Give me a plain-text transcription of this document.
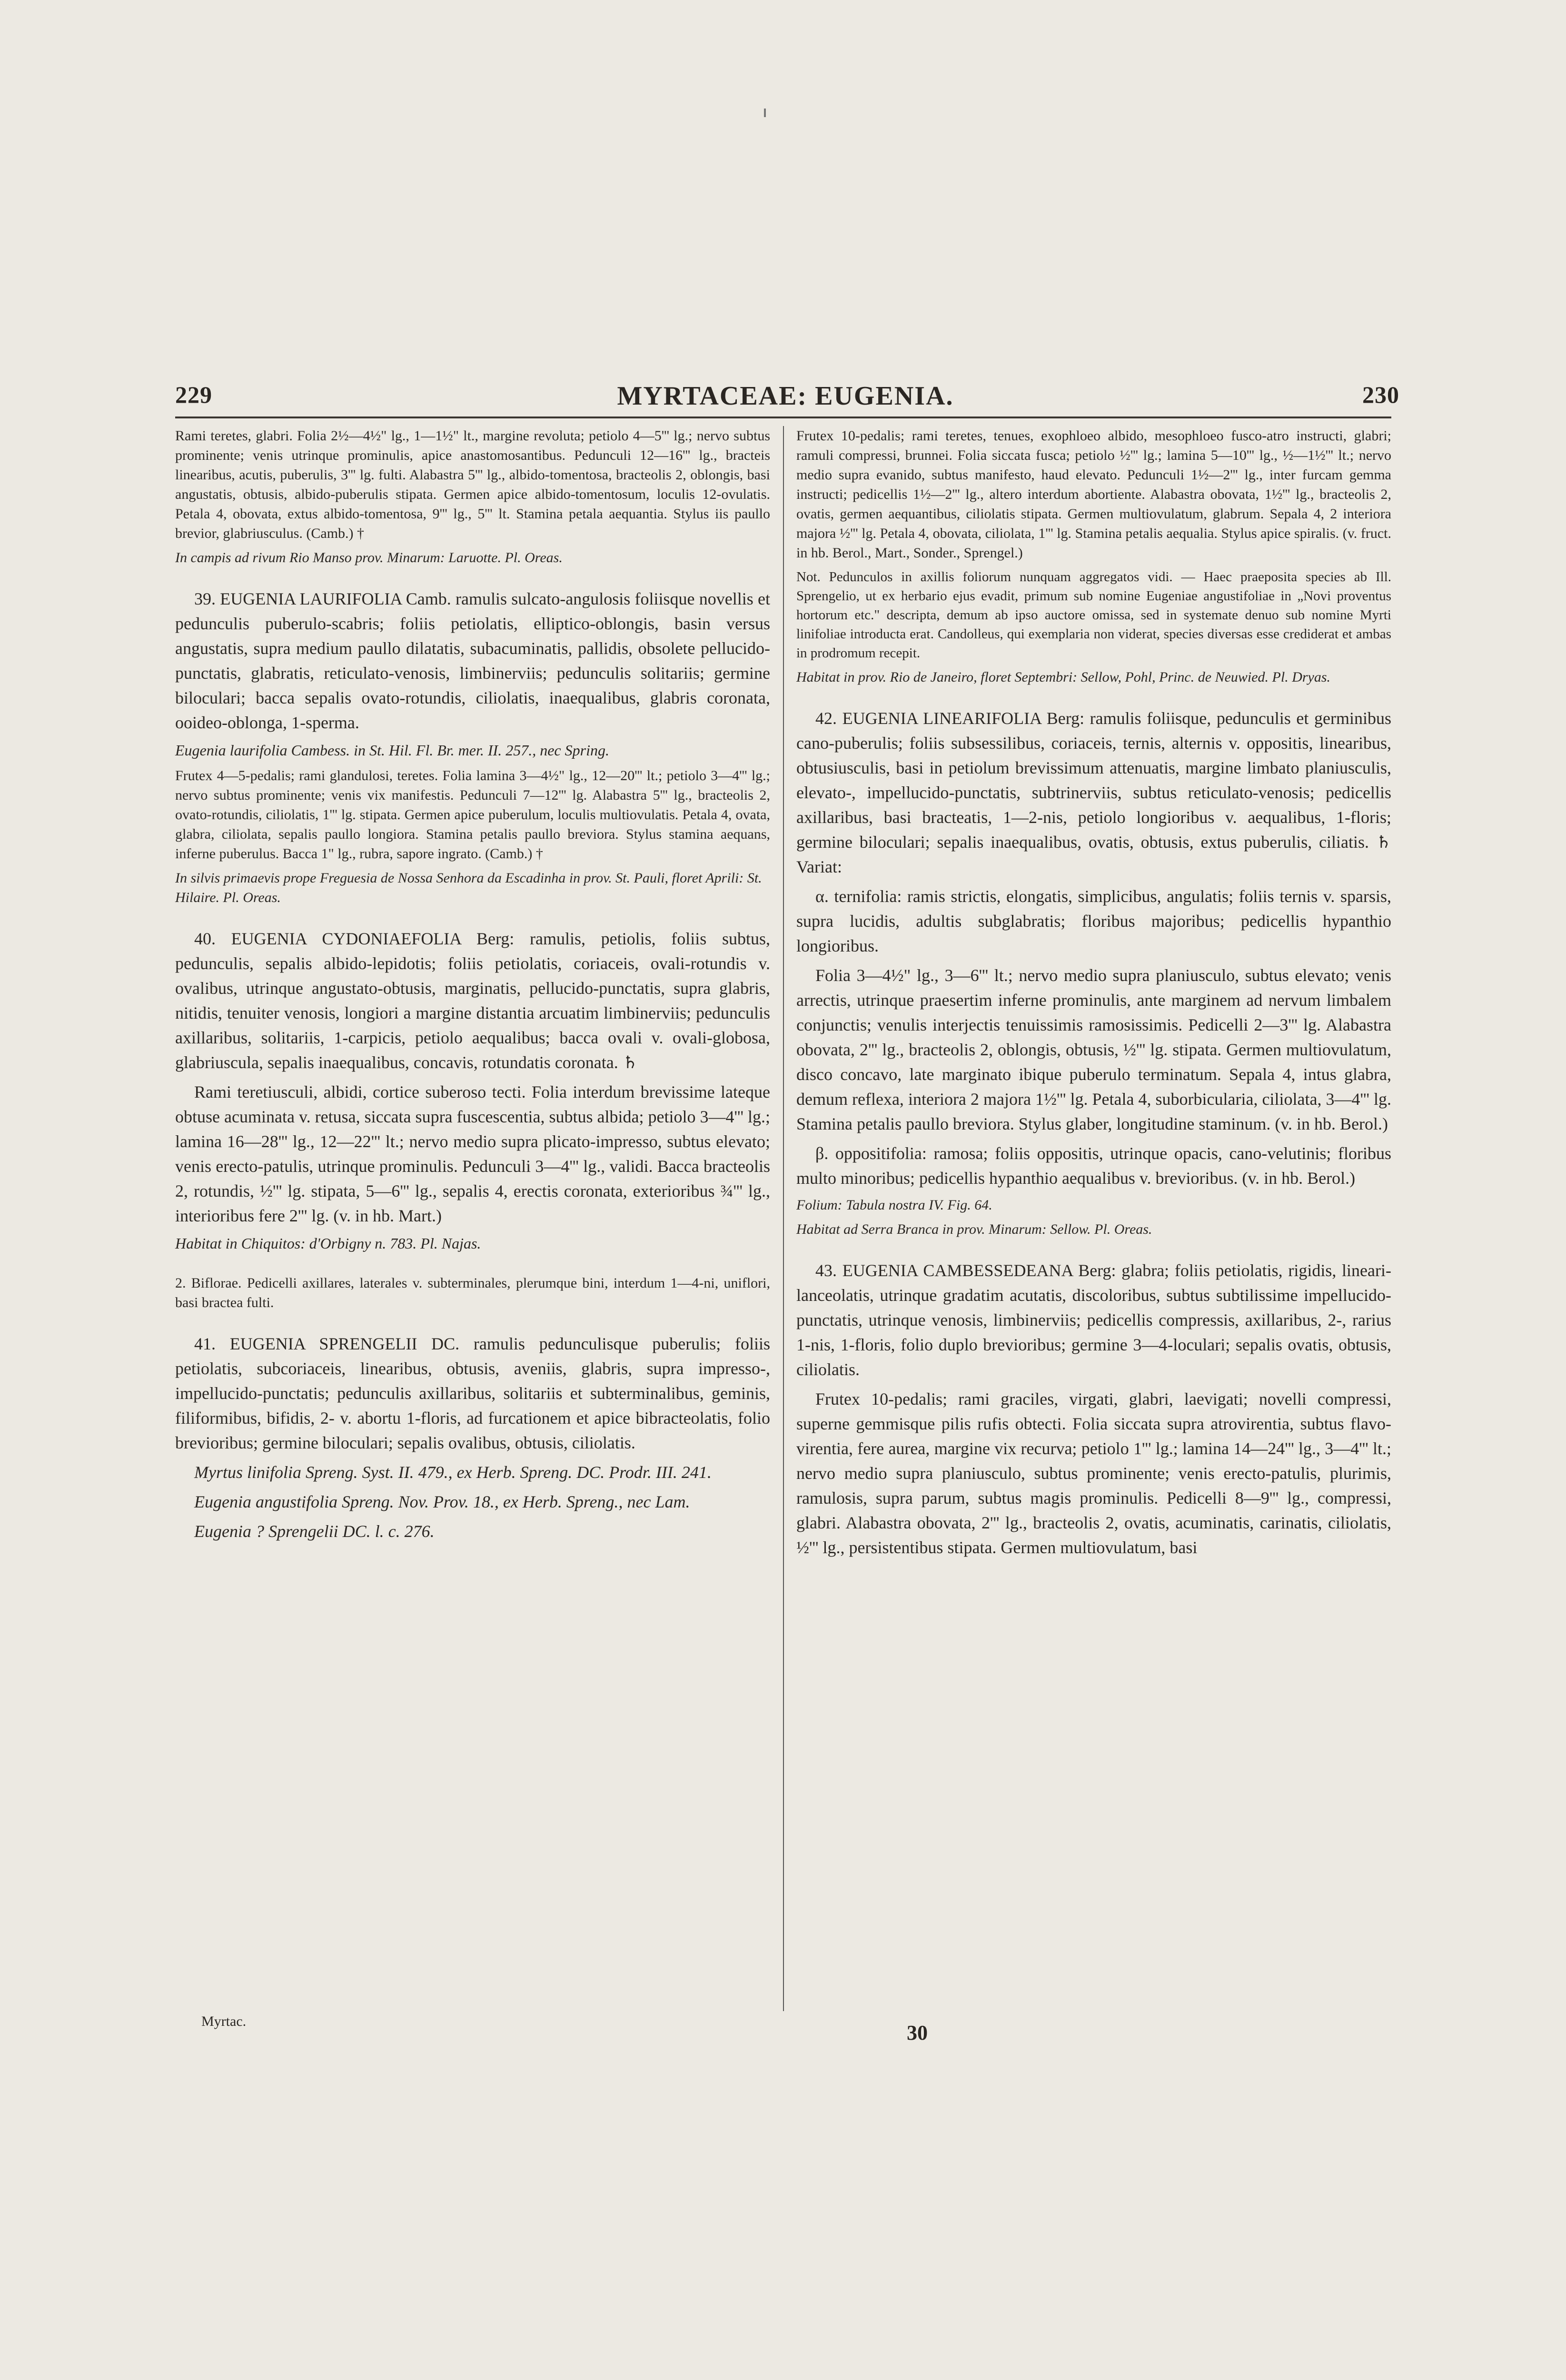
229	MYRTACEAE: EUGENIA.	230

Rami teretes, glabri. Folia 2½—4½" lg., 1—1½" lt., margine revoluta; petiolo 4—5''' lg.; nervo subtus prominente; venis utrinque prominulis, apice anastomosantibus. Pedunculi 12—16''' lg., bracteis linearibus, acutis, puberulis, 3''' lg. fulti. Alabastra 5''' lg., albido-tomentosa, bracteolis 2, oblongis, basi angustatis, obtusis, albido-puberulis stipata. Germen apice albido-tomentosum, loculis 12-ovulatis. Petala 4, obovata, extus albido-tomentosa, 9''' lg., 5''' lt. Stamina petala aequantia. Stylus iis paullo brevior, glabriusculus. (Camb.) †

In campis ad rivum Rio Manso prov. Minarum: Laruotte. Pl. Oreas.

39. EUGENIA LAURIFOLIA Camb. ramulis sulcato-angulosis foliisque novellis et pedunculis puberulo-scabris; foliis petiolatis, elliptico-oblongis, basin versus angustatis, supra medium paullo dilatatis, subacuminatis, pallidis, obsolete pellucido-punctatis, glabratis, reticulato-venosis, limbinerviis; pedunculis solitariis; germine biloculari; bacca sepalis ovato-rotundis, ciliolatis, inaequalibus, glabris coronata, ooideo-oblonga, 1-sperma.

Eugenia laurifolia Cambess. in St. Hil. Fl. Br. mer. II. 257., nec Spring.

Frutex 4—5-pedalis; rami glandulosi, teretes. Folia lamina 3—4½" lg., 12—20''' lt.; petiolo 3—4''' lg.; nervo subtus prominente; venis vix manifestis. Pedunculi 7—12''' lg. Alabastra 5''' lg., bracteolis 2, ovato-rotundis, ciliolatis, 1''' lg. stipata. Germen apice puberulum, loculis multiovulatis. Petala 4, ovata, glabra, ciliolata, sepalis paullo longiora. Stamina petalis paullo breviora. Stylus stamina aequans, inferne puberulus. Bacca 1" lg., rubra, sapore ingrato. (Camb.) †

In silvis primaevis prope Freguesia de Nossa Senhora da Escadinha in prov. St. Pauli, floret Aprili: St. Hilaire. Pl. Oreas.

40. EUGENIA CYDONIAEFOLIA Berg: ramulis, petiolis, foliis subtus, pedunculis, sepalis albido-lepidotis; foliis petiolatis, coriaceis, ovali-rotundis v. ovalibus, utrinque angustato-obtusis, marginatis, pellucido-punctatis, supra glabris, nitidis, tenuiter venosis, longiori a margine distantia arcuatim limbinerviis; pedunculis axillaribus, solitariis, 1-carpicis, petiolo aequalibus; bacca ovali v. ovali-globosa, glabriuscula, sepalis inaequalibus, concavis, rotundatis coronata. ♄

Rami teretiusculi, albidi, cortice suberoso tecti. Folia interdum brevissime lateque obtuse acuminata v. retusa, siccata supra fuscescentia, subtus albida; petiolo 3—4''' lg.; lamina 16—28''' lg., 12—22''' lt.; nervo medio supra plicato-impresso, subtus elevato; venis erecto-patulis, utrinque prominulis. Pedunculi 3—4''' lg., validi. Bacca bracteolis 2, rotundis, ½''' lg. stipata, 5—6''' lg., sepalis 4, erectis coronata, exterioribus ¾''' lg., interioribus fere 2''' lg. (v. in hb. Mart.)

Habitat in Chiquitos: d'Orbigny n. 783. Pl. Najas.

2. Biflorae. Pedicelli axillares, laterales v. subterminales, plerumque bini, interdum 1—4-ni, uniflori, basi bractea fulti.

41. EUGENIA SPRENGELII DC. ramulis pedunculisque puberulis; foliis petiolatis, subcoriaceis, linearibus, obtusis, aveniis, glabris, supra impresso-, impellucido-punctatis; pedunculis axillaribus, solitariis et subterminalibus, geminis, filiformibus, bifidis, 2- v. abortu 1-floris, ad furcationem et apice bibracteolatis, folio brevioribus; germine biloculari; sepalis ovalibus, obtusis, ciliolatis.

Myrtus linifolia Spreng. Syst. II. 479., ex Herb. Spreng. DC. Prodr. III. 241.

Eugenia angustifolia Spreng. Nov. Prov. 18., ex Herb. Spreng., nec Lam.

Eugenia ? Sprengelii DC. l. c. 276.

Myrtac.

Frutex 10-pedalis; rami teretes, tenues, exophloeo albido, mesophloeo fusco-atro instructi, glabri; ramuli compressi, brunnei. Folia siccata fusca; petiolo ½''' lg.; lamina 5—10''' lg., ½—1½''' lt.; nervo medio supra evanido, subtus manifesto, haud elevato. Pedunculi 1½—2''' lg., inter furcam gemma instructi; pedicellis 1½—2''' lg., altero interdum abortiente. Alabastra obovata, 1½''' lg., bracteolis 2, ovatis, germen aequantibus, ciliolatis stipata. Germen multiovulatum, glabrum. Sepala 4, 2 interiora majora ½''' lg. Petala 4, obovata, ciliolata, 1''' lg. Stamina petalis aequalia. Stylus apice spiralis. (v. fruct. in hb. Berol., Mart., Sonder., Sprengel.)

Not. Pedunculos in axillis foliorum nunquam aggregatos vidi. — Haec praeposita species ab Ill. Sprengelio, ut ex herbario ejus evadit, primum sub nomine Eugeniae angustifoliae in „Novi proventus hortorum etc." descripta, demum ab ipso auctore omissa, sed in systemate denuo sub nomine Myrti linifoliae introducta erat. Candolleus, qui exemplaria non viderat, species diversas esse crediderat et ambas in prodromum recepit.

Habitat in prov. Rio de Janeiro, floret Septembri: Sellow, Pohl, Princ. de Neuwied. Pl. Dryas.

42. EUGENIA LINEARIFOLIA Berg: ramulis foliisque, pedunculis et germinibus cano-puberulis; foliis subsessilibus, coriaceis, ternis, alternis v. oppositis, linearibus, obtusiusculis, basi in petiolum brevissimum attenuatis, margine limbato planiusculis, elevato-, impellucido-punctatis, subtrinerviis, subtus reticulato-venosis; pedicellis axillaribus, basi bracteatis, 1—2-nis, petiolo longioribus v. aequalibus, 1-floris; germine biloculari; sepalis inaequalibus, ovatis, obtusis, extus puberulis, ciliatis. ♄ Variat:

α. ternifolia: ramis strictis, elongatis, simplicibus, angulatis; foliis ternis v. sparsis, supra lucidis, adultis subglabratis; floribus majoribus; pedicellis hypanthio longioribus.

Folia 3—4½" lg., 3—6''' lt.; nervo medio supra planiusculo, subtus elevato; venis arrectis, utrinque praesertim inferne prominulis, ante marginem ad nervum limbalem conjunctis; venulis interjectis tenuissimis ramosissimis. Pedicelli 2—3''' lg. Alabastra obovata, 2''' lg., bracteolis 2, oblongis, obtusis, ½''' lg. stipata. Germen multiovulatum, disco concavo, late marginato ibique puberulo terminatum. Sepala 4, intus glabra, demum reflexa, interiora 2 majora 1½''' lg. Petala 4, suborbicularia, ciliolata, 3—4''' lg. Stamina petalis paullo breviora. Stylus glaber, longitudine staminum. (v. in hb. Berol.)

β. oppositifolia: ramosa; foliis oppositis, utrinque opacis, cano-velutinis; floribus multo minoribus; pedicellis hypanthio aequalibus v. brevioribus. (v. in hb. Berol.)

Folium: Tabula nostra IV. Fig. 64.

Habitat ad Serra Branca in prov. Minarum: Sellow. Pl. Oreas.

43. EUGENIA CAMBESSEDEANA Berg: glabra; foliis petiolatis, rigidis, lineari-lanceolatis, utrinque gradatim acutatis, discoloribus, subtus subtilissime impellucido-punctatis, utrinque venosis, limbinerviis; pedicellis compressis, axillaribus, 2-, rarius 1-nis, 1-floris, folio duplo brevioribus; germine 3—4-loculari; sepalis ovatis, obtusis, ciliolatis.

Frutex 10-pedalis; rami graciles, virgati, glabri, laevigati; novelli compressi, superne gemmisque pilis rufis obtecti. Folia siccata supra atrovirentia, subtus flavo-virentia, fere aurea, margine vix recurva; petiolo 1''' lg.; lamina 14—24''' lg., 3—4''' lt.; nervo medio supra planiusculo, subtus prominente; venis erecto-patulis, plurimis, ramulosis, supra parum, subtus magis prominulis. Pedicelli 8—9''' lg., compressi, glabri. Alabastra obovata, 2''' lg., bracteolis 2, ovatis, acuminatis, carinatis, ciliolatis, ½''' lg., persistentibus stipata. Germen multiovulatum, basi

30
